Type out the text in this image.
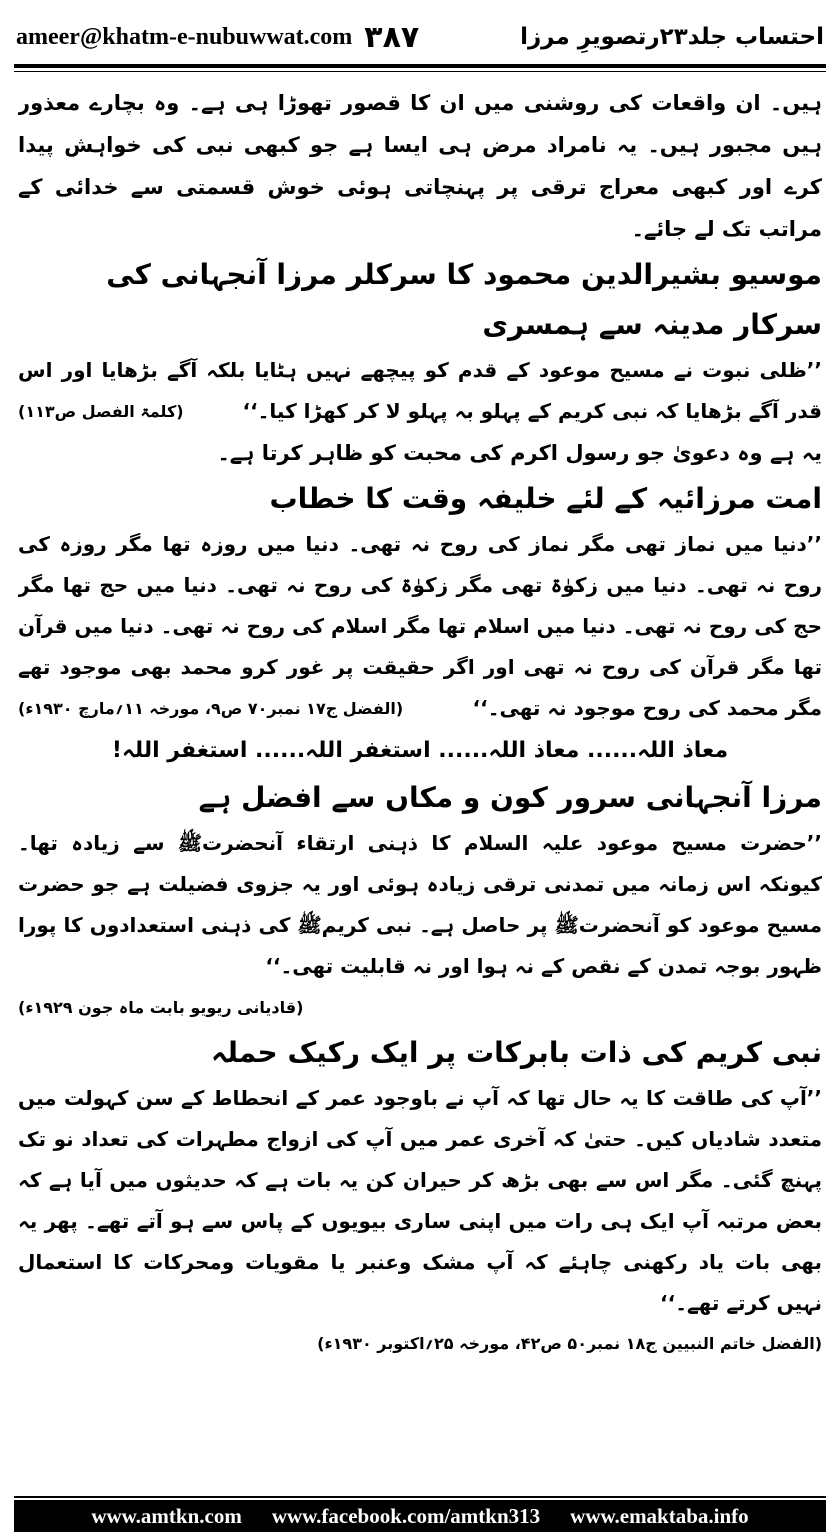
ameer@khatm-e-nubuwwat.com ۳۸۷	احتساب جلد۲۳رتصویرِ مرزا

ہیں۔ ان واقعات کی روشنی میں ان کا قصور تھوڑا ہی ہے۔ وہ بچارے معذور ہیں مجبور ہیں۔ یہ نامراد مرض ہی ایسا ہے جو کبھی نبی کی خواہش پیدا کرے اور کبھی معراج ترقی پر پہنچاتی ہوئی خوش قسمتی سے خدائی کے مراتب تک لے جائے۔

موسیو بشیرالدین محمود کا سرکلر مرزا آنجہانی کی سرکار مدینہ سے ہمسری

’’ظلی نبوت نے مسیح موعود کے قدم کو پیچھے نہیں ہٹایا بلکہ آگے بڑھایا اور اس قدر آگے بڑھایا کہ نبی کریم کے پہلو بہ پہلو لا کر کھڑا کیا۔‘‘
(کلمۃ الفصل ص۱۱۳)

یہ ہے وہ دعویٰ جو رسول اکرم کی محبت کو ظاہر کرتا ہے۔

امت مرزائیہ کے لئے خلیفہ وقت کا خطاب

’’دنیا میں نماز تھی مگر نماز کی روح نہ تھی۔ دنیا میں روزہ تھا مگر روزہ کی روح نہ تھی۔ دنیا میں زکوٰۃ تھی مگر زکوٰۃ کی روح نہ تھی۔ دنیا میں حج تھا مگر حج کی روح نہ تھی۔ دنیا میں اسلام تھا مگر اسلام کی روح نہ تھی۔ دنیا میں قرآن تھا مگر قرآن کی روح نہ تھی اور اگر حقیقت پر غور کرو محمد بھی موجود تھے مگر محمد کی روح موجود نہ تھی۔‘‘
(الفضل ج۱۷ نمبر۷۰ ص۹، مورخہ ۱۱؍مارچ ۱۹۳۰ء)

معاذ اللہ...... معاذ اللہ...... استغفر اللہ...... استغفر اللہ!

مرزا آنجہانی سرور کون و مکاں سے افضل ہے

’’حضرت مسیح موعود علیہ السلام کا ذہنی ارتقاء آنحضرتﷺ سے زیادہ تھا۔ کیونکہ اس زمانہ میں تمدنی ترقی زیادہ ہوئی اور یہ جزوی فضیلت ہے جو حضرت مسیح موعود کو آنحضرتﷺ پر حاصل ہے۔ نبی کریمﷺ کی ذہنی استعدادوں کا پورا ظہور بوجہ تمدن کے نقص کے نہ ہوا اور نہ قابلیت تھی۔‘‘
(قادیانی ریویو بابت ماہ جون ۱۹۲۹ء)

نبی کریم کی ذات بابرکات پر ایک رکیک حملہ

’’آپ کی طاقت کا یہ حال تھا کہ آپ نے باوجود عمر کے انحطاط کے سن کہولت میں متعدد شادیاں کیں۔ حتیٰ کہ آخری عمر میں آپ کی ازواج مطہرات کی تعداد نو تک پہنچ گئی۔ مگر اس سے بھی بڑھ کر حیران کن یہ بات ہے کہ حدیثوں میں آیا ہے کہ بعض مرتبہ آپ ایک ہی رات میں اپنی ساری بیویوں کے پاس سے ہو آتے تھے۔ پھر یہ بھی بات یاد رکھنی چاہئے کہ آپ مشک وعنبر یا مقویات ومحرکات کا استعمال نہیں کرتے تھے۔‘‘

(الفضل خاتم النبیین ج۱۸ نمبر۵۰ ص۴۲، مورخہ ۲۵؍اکتوبر ۱۹۳۰ء)

www.amtkn.com www.facebook.com/amtkn313 www.emaktaba.info
